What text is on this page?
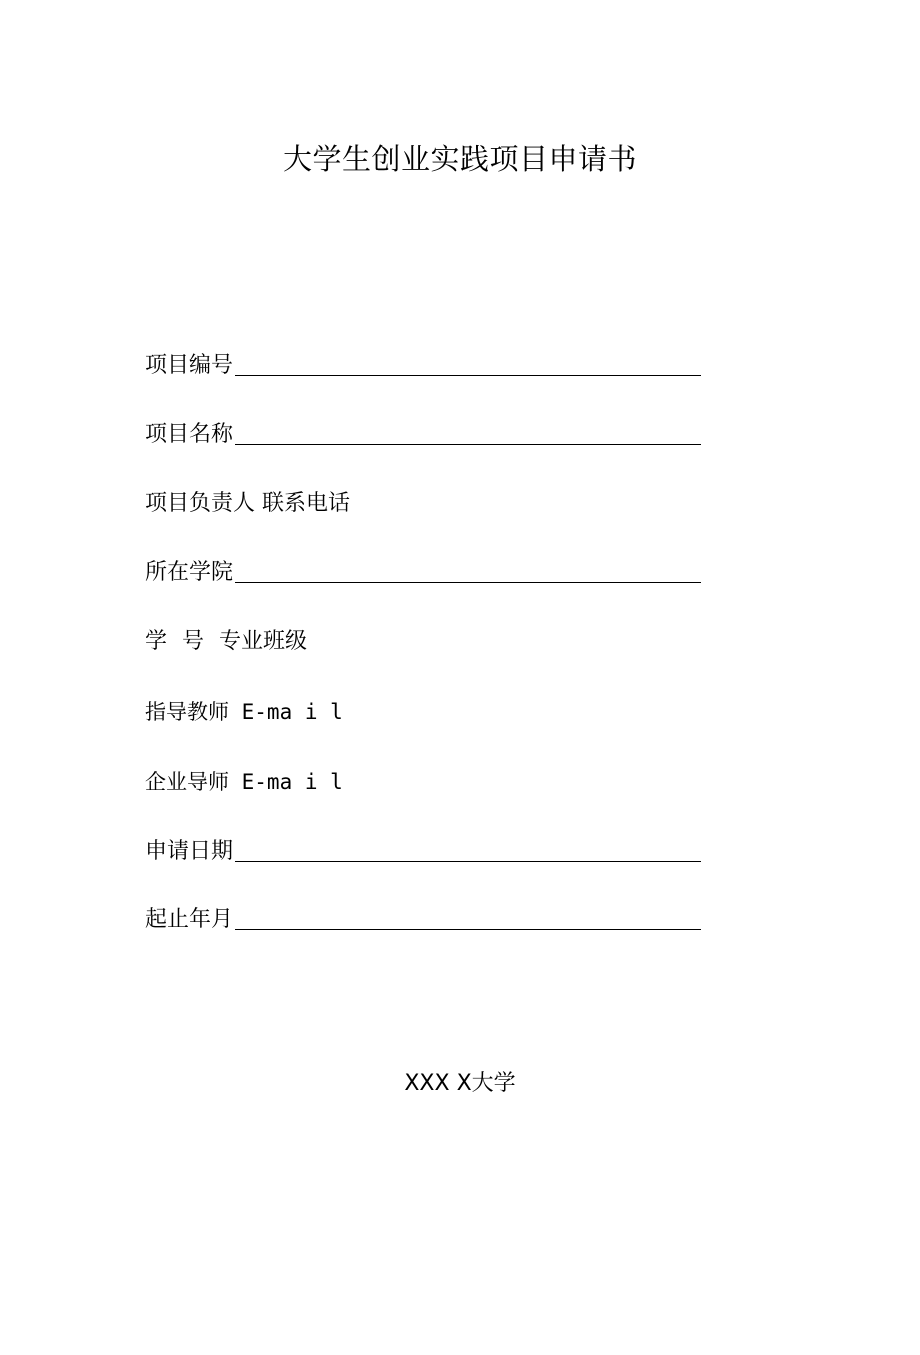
大学生创业实践项目申请书
项目编号
项目名称
项目负责人 联系电话
所在学院
学 号 专业班级
指导教师 E-ma i l
企业导师 E-ma i l
申请日期
起止年月
XXX X大学
